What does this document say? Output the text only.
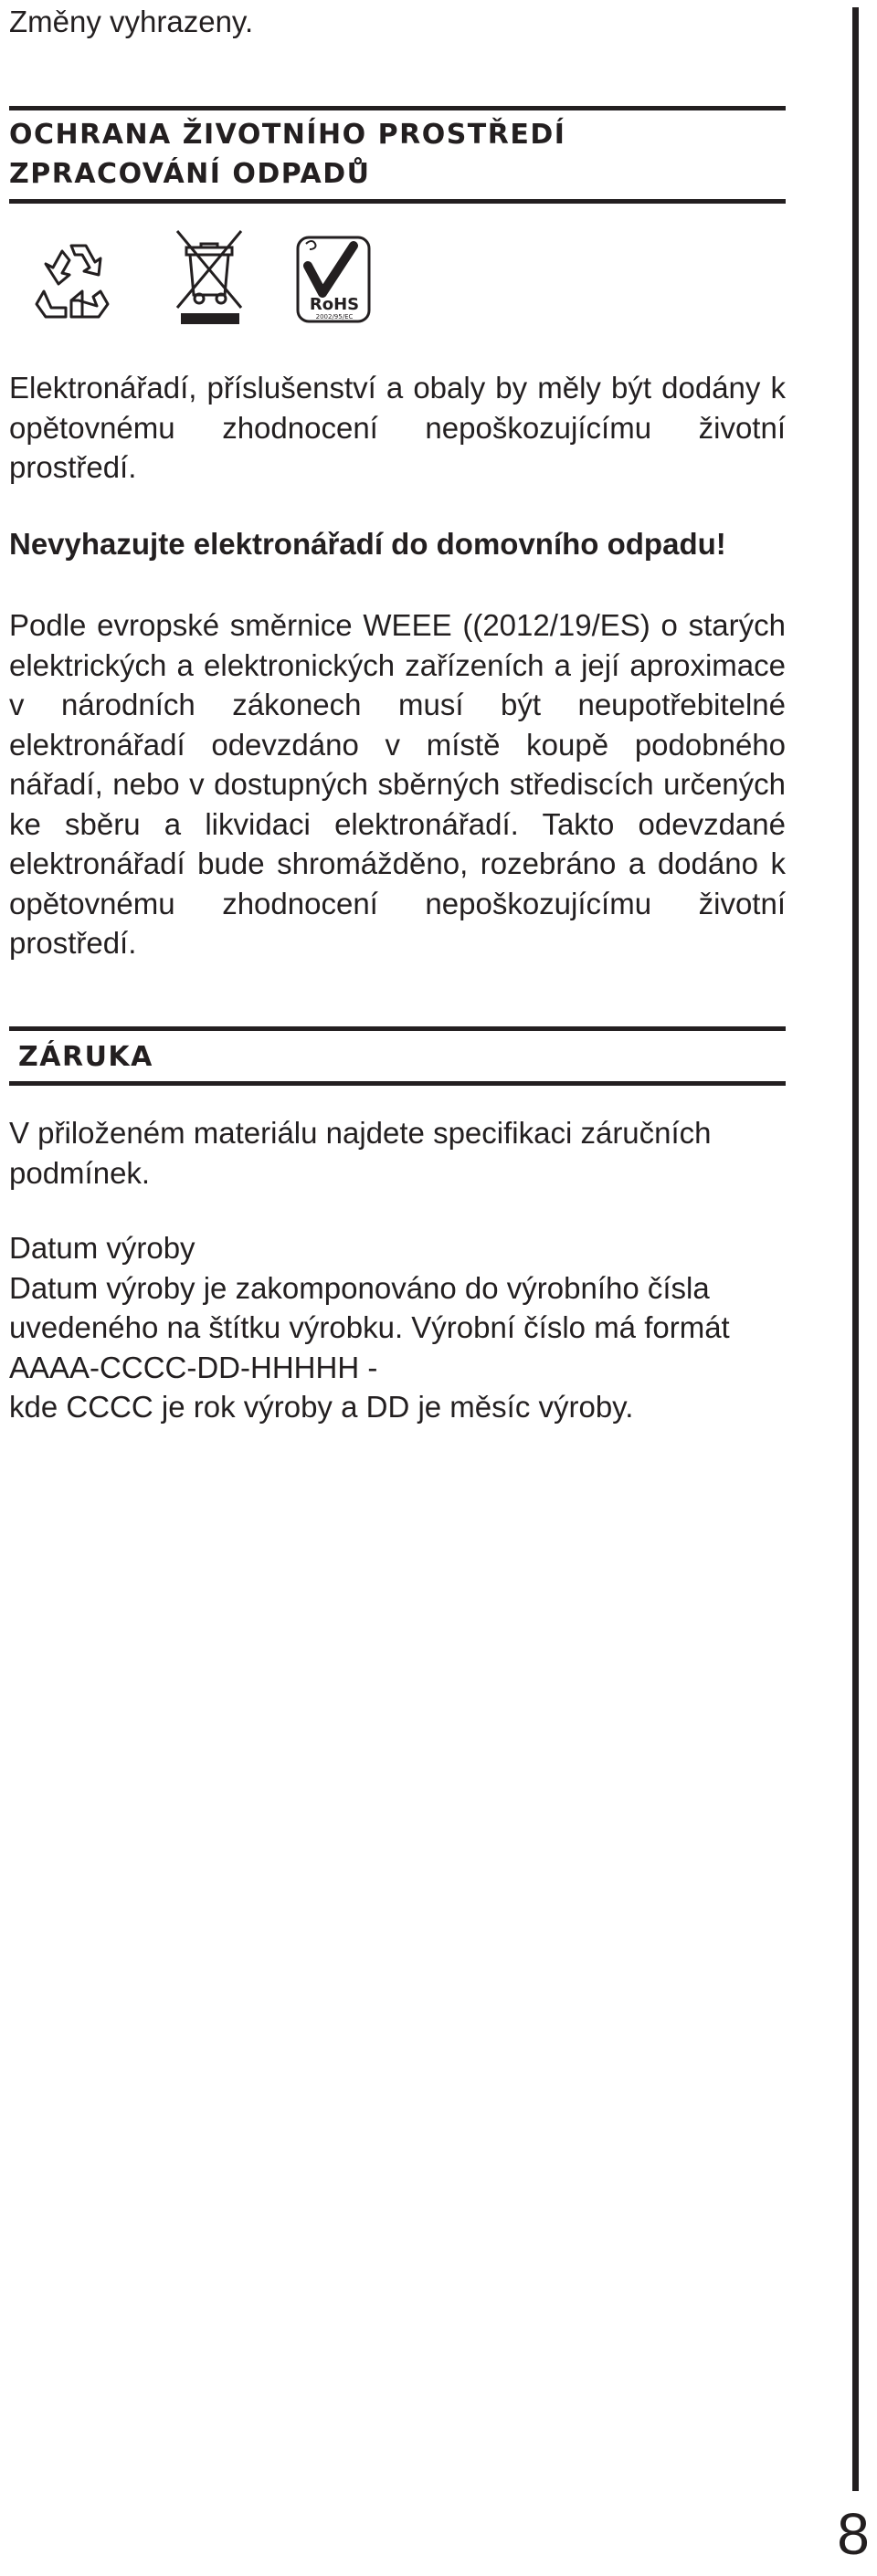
Změny vyhrazeny.

OCHRANA ŽIVOTNÍHO PROSTŘEDÍ

ZPRACOVÁNÍ ODPADŮ

RoHS
2002/95/EC

Elektronářadí, příslušenství a obaly by měly být dodány k opětovnému zhodnocení nepoškozujícímu životní prostředí.

Nevyhazujte elektronářadí do domovního odpadu!

Podle evropské směrnice WEEE ((2012/19/ES) o starých elektrických a elektronických zařízeních a její aproximace v národních zákonech musí být neupotřebitelné elektronářadí odevzdáno v místě koupě podobného nářadí, nebo v dostupných sběrných střediscích určených ke sběru a likvidaci elektronářadí. Takto odevzdané elektronářadí bude shromážděno, rozebráno a dodáno k opětovnému zhodnocení nepoškozujícímu životní prostředí.

ZÁRUKA

V přiloženém materiálu najdete specifikaci záručních podmínek.

Datum výroby

Datum výroby je zakomponováno do výrobního čísla

uvedeného na štítku výrobku. Výrobní číslo má formát

AAAA-CCCC-DD-HHHHH -

kde CCCC je rok výroby a DD je měsíc výroby.

8
